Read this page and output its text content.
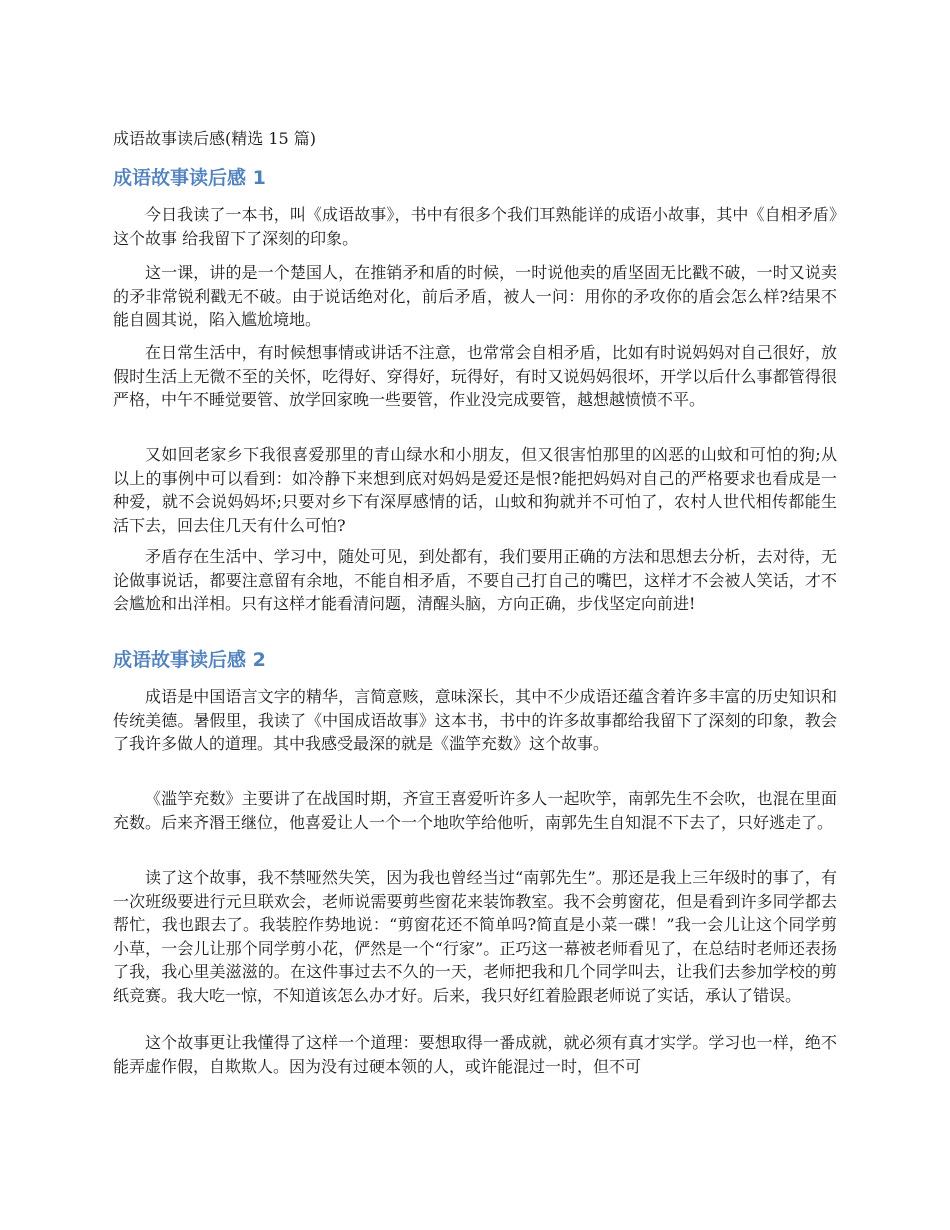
成语故事读后感(精选 15 篇)
成语故事读后感 1

今日我读了一本书，叫《成语故事》，书中有很多个我们耳熟能详的成语小故事，其中《自相矛盾》这个故事 给我留下了深刻的印象。

这一课，讲的是一个楚国人，在推销矛和盾的时候，一时说他卖的盾坚固无比戳不破，一时又说卖的矛非常锐利戳无不破。由于说话绝对化，前后矛盾，被人一问：用你的矛攻你的盾会怎么样?结果不能自圆其说，陷入尴尬境地。

在日常生活中，有时候想事情或讲话不注意，也常常会自相矛盾，比如有时说妈妈对自己很好，放假时生活上无微不至的关怀，吃得好、穿得好，玩得好，有时又说妈妈很坏，开学以后什么事都管得很严格，中午不睡觉要管、放学回家晚一些要管，作业没完成要管，越想越愤愤不平。

又如回老家乡下我很喜爱那里的青山绿水和小朋友，但又很害怕那里的凶恶的山蚊和可怕的狗;从以上的事例中可以看到：如冷静下来想到底对妈妈是爱还是恨?能把妈妈对自己的严格要求也看成是一种爱，就不会说妈妈坏;只要对乡下有深厚感情的话，山蚊和狗就并不可怕了，农村人世代相传都能生活下去，回去住几天有什么可怕?

矛盾存在生活中、学习中，随处可见，到处都有，我们要用正确的方法和思想去分析，去对待，无论做事说话，都要注意留有余地，不能自相矛盾，不要自己打自己的嘴巴，这样才不会被人笑话，才不会尴尬和出洋相。只有这样才能看清问题，清醒头脑，方向正确，步伐坚定向前进!

成语故事读后感 2

成语是中国语言文字的精华，言简意赅，意味深长，其中不少成语还蕴含着许多丰富的历史知识和传统美德。暑假里，我读了《中国成语故事》这本书，书中的许多故事都给我留下了深刻的印象，教会了我许多做人的道理。其中我感受最深的就是《滥竽充数》这个故事。

《滥竽充数》主要讲了在战国时期，齐宣王喜爱听许多人一起吹竽，南郭先生不会吹，也混在里面充数。后来齐湣王继位，他喜爱让人一个一个地吹竽给他听，南郭先生自知混不下去了，只好逃走了。

读了这个故事，我不禁哑然失笑，因为我也曾经当过“南郭先生”。那还是我上三年级时的事了，有一次班级要进行元旦联欢会，老师说需要剪些窗花来装饰教室。我不会剪窗花，但是看到许多同学都去帮忙，我也跟去了。我装腔作势地说：“剪窗花还不简单吗?简直是小菜一碟！”我一会儿让这个同学剪小草，一会儿让那个同学剪小花，俨然是一个“行家”。正巧这一幕被老师看见了，在总结时老师还表扬了我，我心里美滋滋的。在这件事过去不久的一天，老师把我和几个同学叫去，让我们去参加学校的剪纸竞赛。我大吃一惊，不知道该怎么办才好。后来，我只好红着脸跟老师说了实话，承认了错误。

这个故事更让我懂得了这样一个道理：要想取得一番成就，就必须有真才实学。学习也一样，绝不能弄虚作假，自欺欺人。因为没有过硬本领的人，或许能混过一时，但不可
